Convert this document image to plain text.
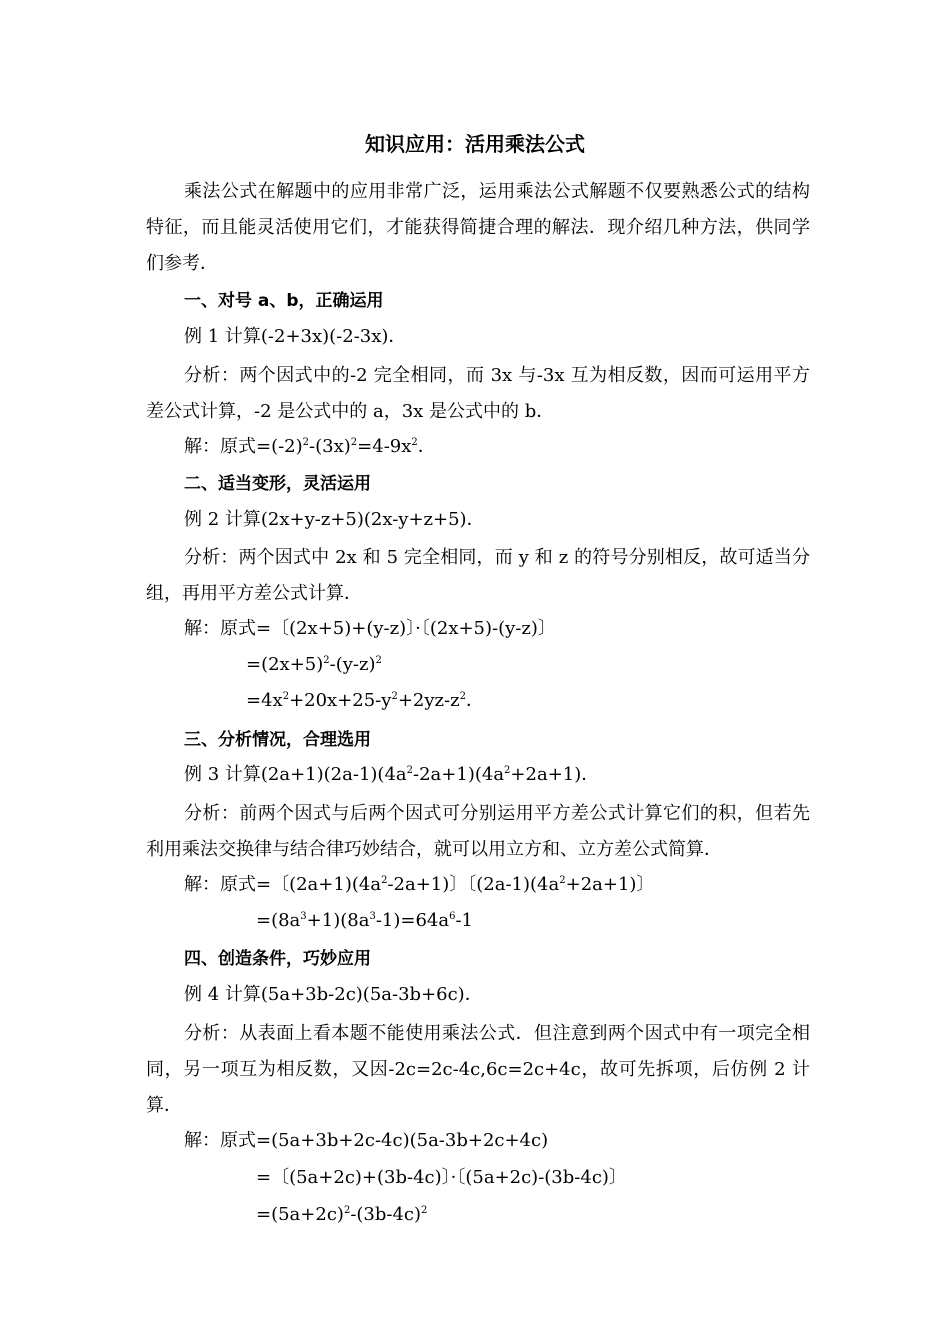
知识应用：活用乘法公式
乘法公式在解题中的应用非常广泛，运用乘法公式解题不仅要熟悉公式的结构特征，而且能灵活使用它们，才能获得简捷合理的解法．现介绍几种方法，供同学们参考．
一、对号 a、b，正确运用
例 1 计算(-2+3x)(-2-3x)．
分析：两个因式中的-2 完全相同，而 3x 与-3x 互为相反数，因而可运用平方差公式计算，-2 是公式中的 a，3x 是公式中的 b．
解：原式$=(-2)^2-(3x)^2=4-9x^2$．
二、适当变形，灵活运用
例 2 计算(2x+y-z+5)(2x-y+z+5)．
分析：两个因式中 2x 和 5 完全相同，而 y 和 z 的符号分别相反，故可适当分组，再用平方差公式计算．
解：原式=〔(2x+5)+(y-z)〕·〔(2x+5)-(y-z)〕
$=(2x+5)^2-(y-z)^2$
$=4x^2+20x+25-y^2+2yz-z^2$．
三、分析情况，合理选用
例 3 计算$(2a+1)(2a-1)(4a^2-2a+1)(4a^2+2a+1)$．
分析：前两个因式与后两个因式可分别运用平方差公式计算它们的积，但若先利用乘法交换律与结合律巧妙结合，就可以用立方和、立方差公式简算．
解：原式=〔$(2a+1)(4a^2-2a+1)$〕〔$(2a-1)(4a^2+2a+1)$〕
$=(8a^3+1)(8a^3-1)=64a^6-1$
四、创造条件，巧妙应用
例 4 计算(5a+3b-2c)(5a-3b+6c)．
分析：从表面上看本题不能使用乘法公式．但注意到两个因式中有一项完全相同，另一项互为相反数，又因-2c=2c-4c,6c=2c+4c，故可先拆项，后仿例 2 计算．
解：原式=(5a+3b+2c-4c)(5a-3b+2c+4c)
=〔(5a+2c)+(3b-4c)〕·〔(5a+2c)-(3b-4c)〕
$=(5a+2c)^2-(3b-4c)^2$
